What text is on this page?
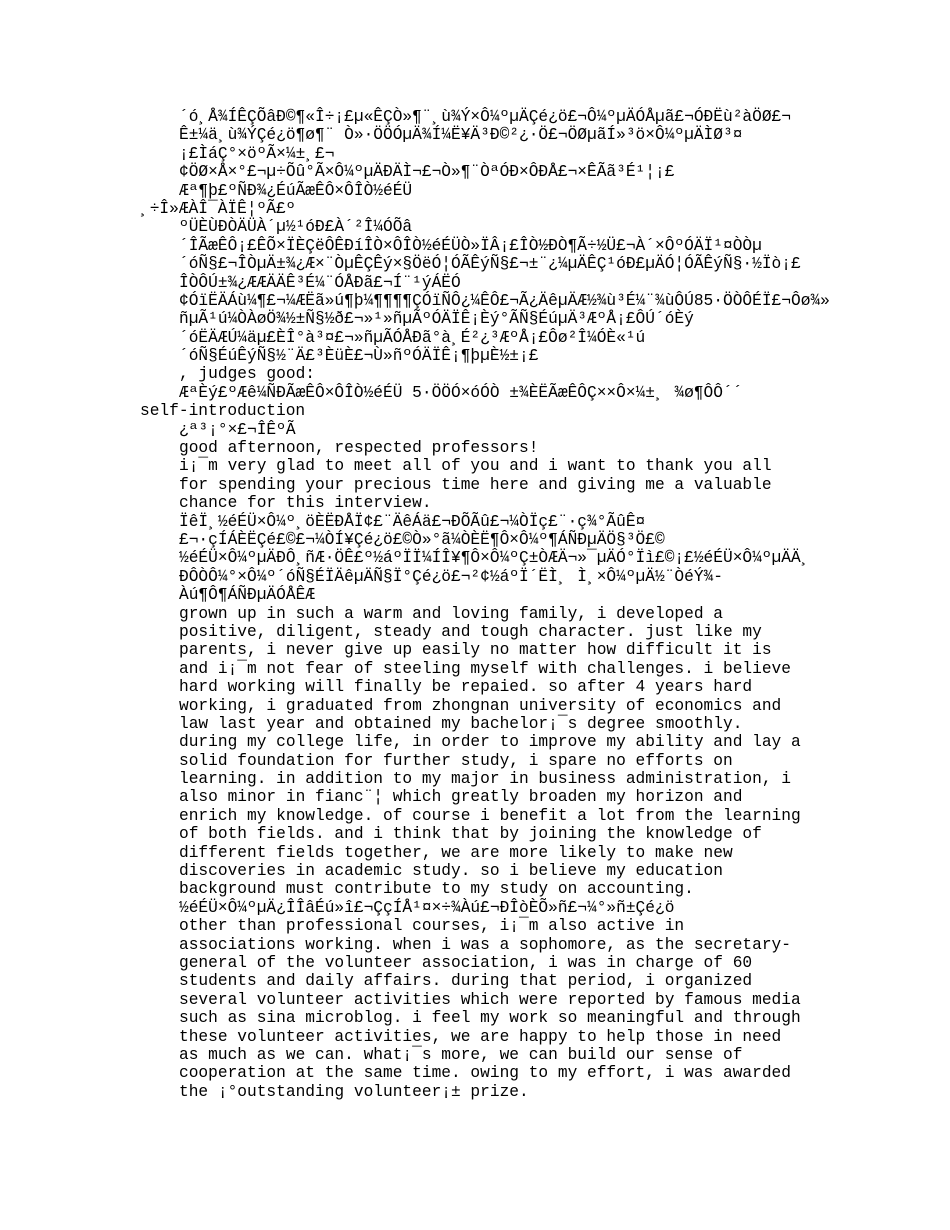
´ó¸Å¾ÍÊÇÕâÐ©¶«Î÷¡£µ«ÊÇÒ»¶¨¸ù¾Ý×Ô¼ºµÄÇé¿ö£¬Ô¼ºµÄÓÅµã£¬ÓÐËù²àÖØ£¬
Ê±¼ä¸ù¾ÝÇé¿ö¶ø¶¨ Ò»·ÖÖÓµÄ¾Í¼Ë¥Ä³Ð©²¿·Ö£¬ÖØµãÍ»³ö×Ô¼ºµÄÌØ³¤
¡£ÌáÇ°×öºÃ×¼±¸£¬
¢ÖØ×Å×°£¬µ÷Õû°Ã×Ô¼ºµÄÐÄÌ¬£¬Ò»¶¨ÒªÓÐ×ÔÐÅ£¬×ÊÃã³É¹¦¡£
Æª¶þ£ºÑÐ¾¿ÉúÃæÊÔ×ÔÎÒ½éÉÜ
¸÷Î»ÆÀÎ¯ÀÏÊ¦ºÃ£º
ºÜÈÙÐÒÄÜÀ´µ½¹óÐ£À´²Î¼ÓÕâ
´ÎÃæÊÔ¡£ÊÕ×ÏÈÇëÔÊÐíÎÒ×ÔÎÒ½éÉÜÒ»ÏÂ¡£ÎÒ½ÐÒ¶Ã÷½Ü£¬À´×ÔºÓÄÏ¹¤ÒÒµ
´óÑ§£¬ÎÒµÄ±¾¿Æ×¨ÒµÊÇÊý×§ÖëÓ¦ÓÃÊýÑ§£¬±¨¿¼µÄÊÇ¹óÐ£µÄÓ¦ÓÃÊýÑ§·½Ïò¡£
ÎÒÔÚ±¾¿ÆÆÄÄÊ³É¼¨ÓÅÐã£¬Í¨¹ýÁËÓ
¢ÓïËÄÁù¼¶£¬¼ÆËã»ú¶þ¼¶¶¶¶ÇÓïÑÔ¿¼ÊÔ£¬Ã¿ÄêµÄÆ½¾ù³É¼¨¾ùÔÚ85·ÖÒÔÉÏ£¬Ôø¾»
ñµÃ¹ú¼ÒÀøÖ¾½±Ñ§½ð£¬»¹»ñµÃºÓÄÏÊ¡Èý°ÃÑ§ÉúµÄ³ÆºÅ¡£ÔÚ´óÈý
´óËÄÆÚ¼äµ£ÈÎ°à³¤£¬»ñµÃÓÅÐã°à¸É²¿³ÆºÅ¡£Ôø²Î¼ÓÈ«¹ú
´óÑ§ÉúÊýÑ§½¨Ä£³ÈüÈ£¬Ù»ñºÓÄÏÊ¡¶þµÈ½±¡£
, judges good:
ÆªÈý£ºÆê¼ÑÐÃæÊÔ×ÔÎÒ½éÉÜ 5·ÖÖÓ×óÓÒ ±¾ÈËÃæÊÔÇ××Ô×¼±¸ ¾ø¶ÔÔ´´
self-introduction
¿ª³¡°×£¬ÎÊºÃ
good afternoon, respected professors!
i¡¯m very glad to meet all of you and i want to thank you all
for spending your precious time here and giving me a valuable
chance for this interview.
ÏêÏ¸½éÉÜ×Ô¼º¸öÈËÐÅÏ¢£¨ÄêÁä£¬ÐÕÃû£¬¼ÒÏç£¨·ç¾°ÃûÊ¤
£¬·çÍÁÈËÇé£©£¬¼ÒÍ¥Çé¿ö£©Ò»°ã¼ÒÈË¶Ô×Ô¼º¶ÁÑÐµÄÖ§³Ö£©
½éÉÜ×Ô¼ºµÄÐÔ¸ñÆ·ÖÊ£º½áºÏÏ¼ÍÎ¥¶Ô×Ô¼ºÇ±ÒÆÄ¬»¯µÄÓ°Ïì£©¡£½éÉÜ×Ô¼ºµÄÄ¸
ÐÔÒÔ¼°×Ô¼º´óÑ§ÉÏÄêµÄÑ§Ï°Çé¿ö£¬²¢½áºÏ´ËÌ¸ Ì¸×Ô¼ºµÄ½¨ÒéÝ¾-
Àú¶Ô¶ÁÑÐµÄÓÅÊÆ
grown up in such a warm and loving family, i developed a
positive, diligent, steady and tough character. just like my
parents, i never give up easily no matter how difficult it is
and i¡¯m not fear of steeling myself with challenges. i believe
hard working will finally be repaied. so after 4 years hard
working, i graduated from zhongnan university of economics and
law last year and obtained my bachelor¡¯s degree smoothly.
during my college life, in order to improve my ability and lay a
solid foundation for further study, i spare no efforts on
learning. in addition to my major in business administration, i
also minor in fianc¨¦ which greatly broaden my horizon and
enrich my knowledge. of course i benefit a lot from the learning
of both fields. and i think that by joining the knowledge of
different fields together, we are more likely to make new
discoveries in academic study. so i believe my education
background must contribute to my study on accounting.
½éÉÜ×Ô¼ºµÄ¿ÎÎâÉú»î£¬ÇçÍÅ¹¤×÷¾Àú£¬ÐÎòÈÕ»ñ£¬¼°»ñ±Çé¿ö
other than professional courses, i¡¯m also active in
associations working. when i was a sophomore, as the secretary-
general of the volunteer association, i was in charge of 60
students and daily affairs. during that period, i organized
several volunteer activities which were reported by famous media
such as sina microblog. i feel my work so meaningful and through
these volunteer activities, we are happy to help those in need
as much as we can. what¡¯s more, we can build our sense of
cooperation at the same time. owing to my effort, i was awarded
the ¡°outstanding volunteer¡± prize.
